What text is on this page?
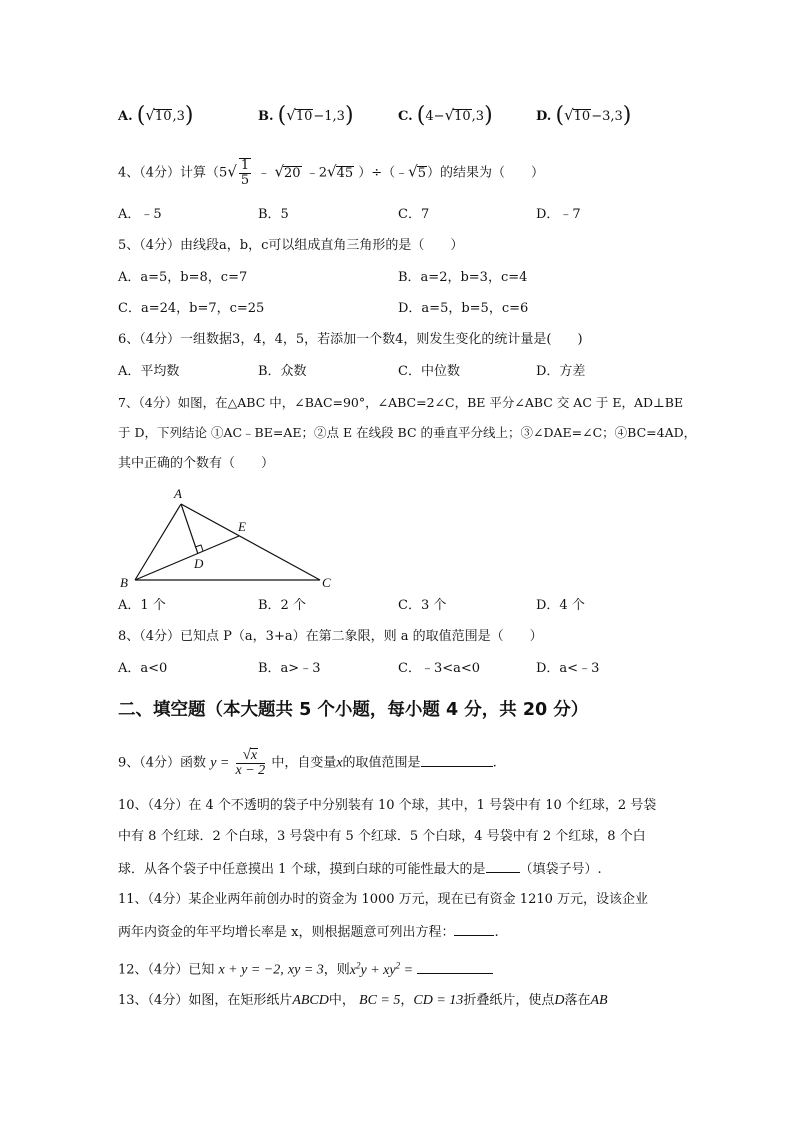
A. (√10,3)	B. (√10−1,3)	C. (4−√10,3)	D. (√10−3,3)
4、（4分）计算（$5√ \frac{1}{5}$ ﹣ √20 ﹣2√45 ）÷（﹣√5）的结果为（　　）
A．﹣5	B．5	C．7	D．﹣7
5、（4分）由线段a，b，c可以组成直角三角形的是（　　）
A．a=5，b=8，c=7	B．a=2，b=3，c=4
C．a=24，b=7，c=25	D．a=5，b=5，c=6
6、（4分）一组数据3，4，4，5，若添加一个数4，则发生变化的统计量是(　　)
A．平均数	B．众数	C．中位数	D．方差
7、（4分）如图，在△ABC 中，∠BAC=90°，∠ABC=2∠C，BE 平分∠ABC 交 AC 于 E，AD⊥BE
于 D，下列结论 ①AC﹣BE=AE；②点 E 在线段 BC 的垂直平分线上；③∠DAE=∠C；④BC=4AD，
其中正确的个数有（　　）
A
B	C
D
E
A．1 个	B．2 个	C．3 个	D．4 个
8、（4分）已知点 P（a，3+a）在第二象限，则 a 的取值范围是（　　）
A．a<0	B．a>﹣3	C．﹣3<a<0	D．a<﹣3
二、填空题（本大题共 5 个小题，每小题 4 分，共 20 分）
9、（4分）函数 $y = \frac{√x}{x - 2}$ 中，自变量x的取值范围是	.
10、（4分）在 4 个不透明的袋子中分别装有 10 个球，其中，1 号袋中有 10 个红球，2 号袋
中有 8 个红球．2 个白球，3 号袋中有 5 个红球．5 个白球，4 号袋中有 2 个红球，8 个白
球．从各个袋子中任意摸出 1 个球，摸到白球的可能性最大的是	（填袋子号）.
11、（4分）某企业两年前创办时的资金为 1000 万元，现在已有资金 1210 万元，设该企业
两年内资金的年平均增长率是 x，则根据题意可列出方程：	.
12、（4分）已知 x + y = −2, xy = 3，则$x^2y + xy^2$ =
13、（4分）如图，在矩形纸片ABCD中， BC = 5，CD = 13折叠纸片，使点D落在AB
